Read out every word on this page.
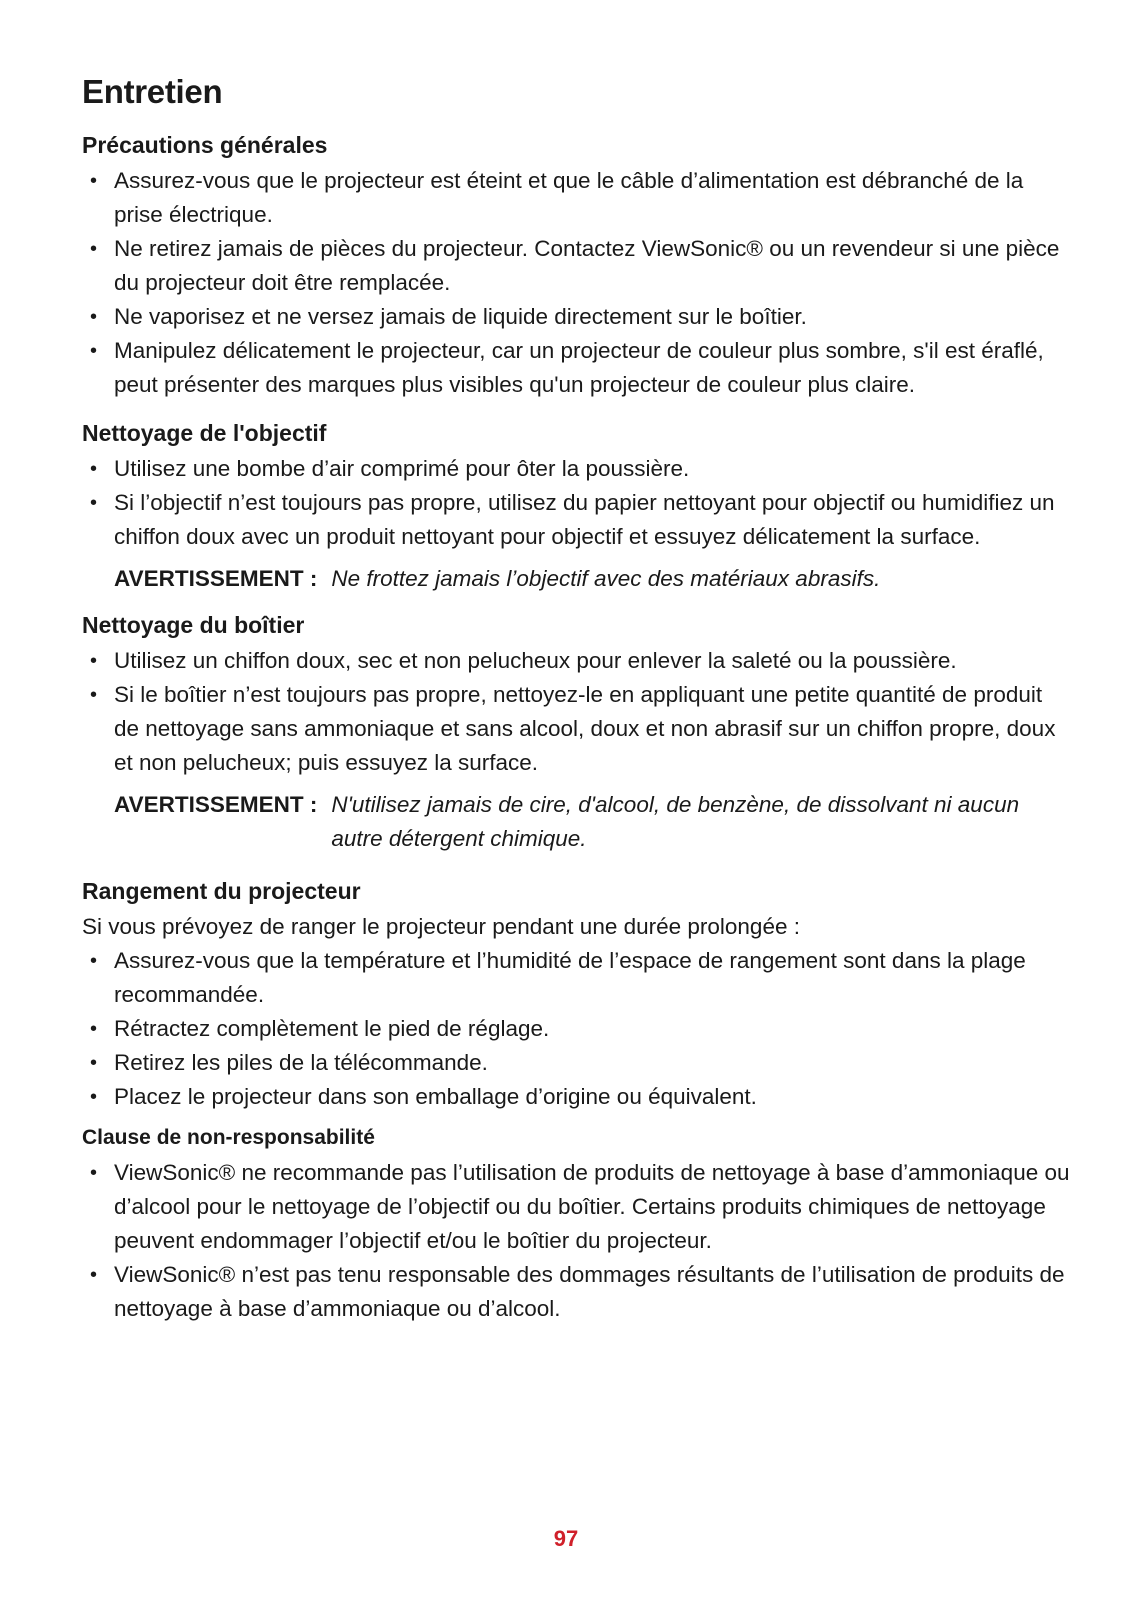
Entretien
Précautions générales
• Assurez-vous que le projecteur est éteint et que le câble d’alimentation est débranché de la prise électrique.
• Ne retirez jamais de pièces du projecteur. Contactez ViewSonic® ou un revendeur si une pièce du projecteur doit être remplacée.
• Ne vaporisez et ne versez jamais de liquide directement sur le boîtier.
• Manipulez délicatement le projecteur, car un projecteur de couleur plus sombre, s'il est éraflé, peut présenter des marques plus visibles qu'un projecteur de couleur plus claire.
Nettoyage de l'objectif
• Utilisez une bombe d’air comprimé pour ôter la poussière.
• Si l’objectif n’est toujours pas propre, utilisez du papier nettoyant pour objectif ou humidifiez un chiffon doux avec un produit nettoyant pour objectif et essuyez délicatement la surface.
AVERTISSEMENT : Ne frottez jamais l’objectif avec des matériaux abrasifs.
Nettoyage du boîtier
• Utilisez un chiffon doux, sec et non pelucheux pour enlever la saleté ou la poussière.
• Si le boîtier n’est toujours pas propre, nettoyez-le en appliquant une petite quantité de produit de nettoyage sans ammoniaque et sans alcool, doux et non abrasif sur un chiffon propre, doux et non pelucheux; puis essuyez la surface.
AVERTISSEMENT : N'utilisez jamais de cire, d'alcool, de benzène, de dissolvant ni aucun autre détergent chimique.
Rangement du projecteur

Si vous prévoyez de ranger le projecteur pendant une durée prolongée :

• Assurez-vous que la température et l’humidité de l’espace de rangement sont dans la plage recommandée.
• Rétractez complètement le pied de réglage.
• Retirez les piles de la télécommande.
• Placez le projecteur dans son emballage d’origine ou équivalent.
Clause de non-responsabilité
• ViewSonic® ne recommande pas l’utilisation de produits de nettoyage à base d’ammoniaque ou d’alcool pour le nettoyage de l’objectif ou du boîtier. Certains produits chimiques de nettoyage peuvent endommager l’objectif et/ou le boîtier du projecteur.
• ViewSonic® n’est pas tenu responsable des dommages résultants de l’utilisation de produits de nettoyage à base d’ammoniaque ou d’alcool.
97
